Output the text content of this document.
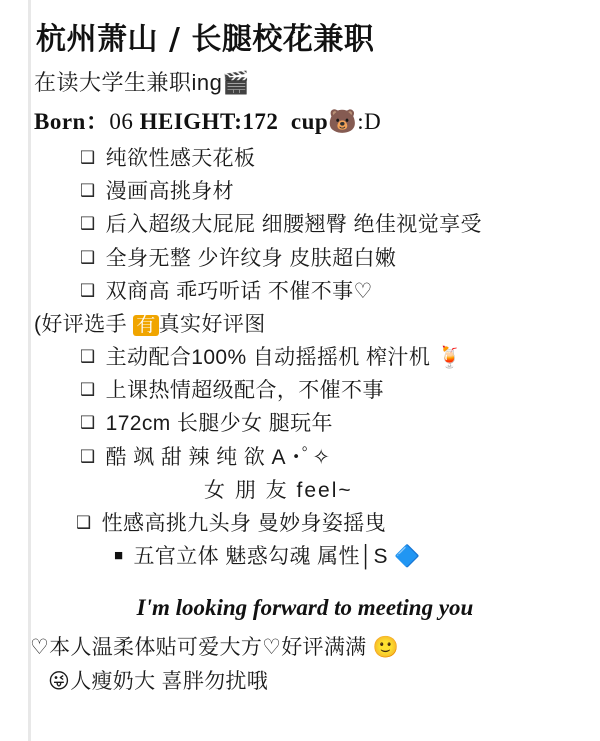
杭州萧山 / 长腿校花兼职
在读大学生兼职ing🎬
Born：06 HEIGHT:172 cup🐻:D
❑ 纯欲性感天花板
❑ 漫画高挑身材
❑ 后入超级大屁屁 细腰翘臀 绝佳视觉享受
❑ 全身无整 少许纹身 皮肤超白嫩
❑ 双商高 乖巧听话 不催不事♡
(好评选手 有 真实好评图
❑ 主动配合100% 自动摇摇机 榨汁机 🍹
❑ 上课热情超级配合，不催不事
❑ 172cm 长腿少女 腿玩年
❑ 酷 飒 甜 辣 纯 欲 A ･ﾟ✧
女 朋 友 feel~
❑ 性感高挑九头身 曼妙身姿摇曳
■ 五官立体 魅惑勾魂 属性│S 🔷
I'm looking forward to meeting you
♡本人温柔体贴可爱大方♡好评满满 🙂
😜人瘦奶大 喜胖勿扰哦
